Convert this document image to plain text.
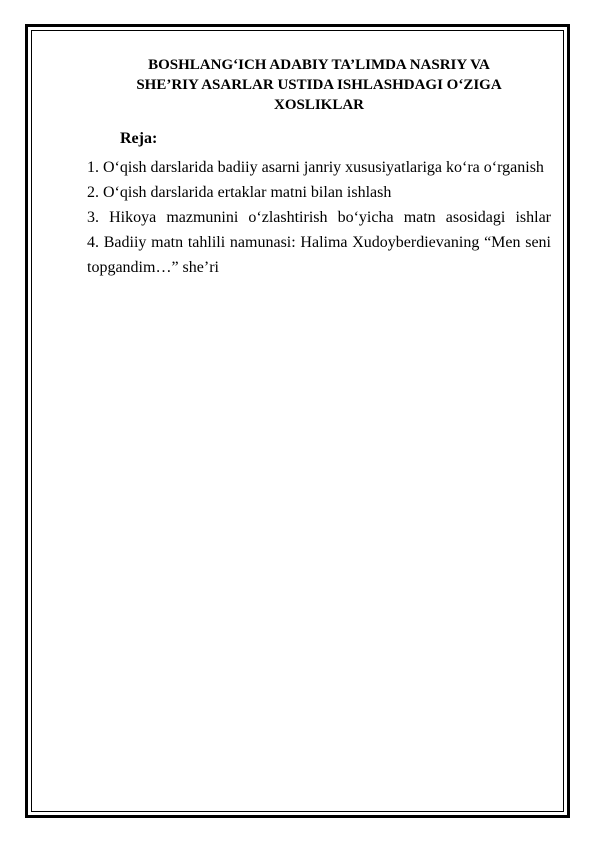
BOSHLANG‘ICH ADABIY TA’LIMDA NASRIY VA
SHE’RIY ASARLAR USTIDA ISHLASHDAGI O‘ZIGA
XOSLIKLAR
Reja:
1. O‘qish darslarida badiiy asarni janriy xususiyatlariga ko‘ra o‘rganish
2. O‘qish darslarida ertaklar matni bilan ishlash
3. Hikoya mazmunini o‘zlashtirish bo‘yicha matn asosidagi ishlar
4. Badiiy matn tahlili namunasi: Halima Xudoyberdievaning “Men seni topgandim…” she’ri
